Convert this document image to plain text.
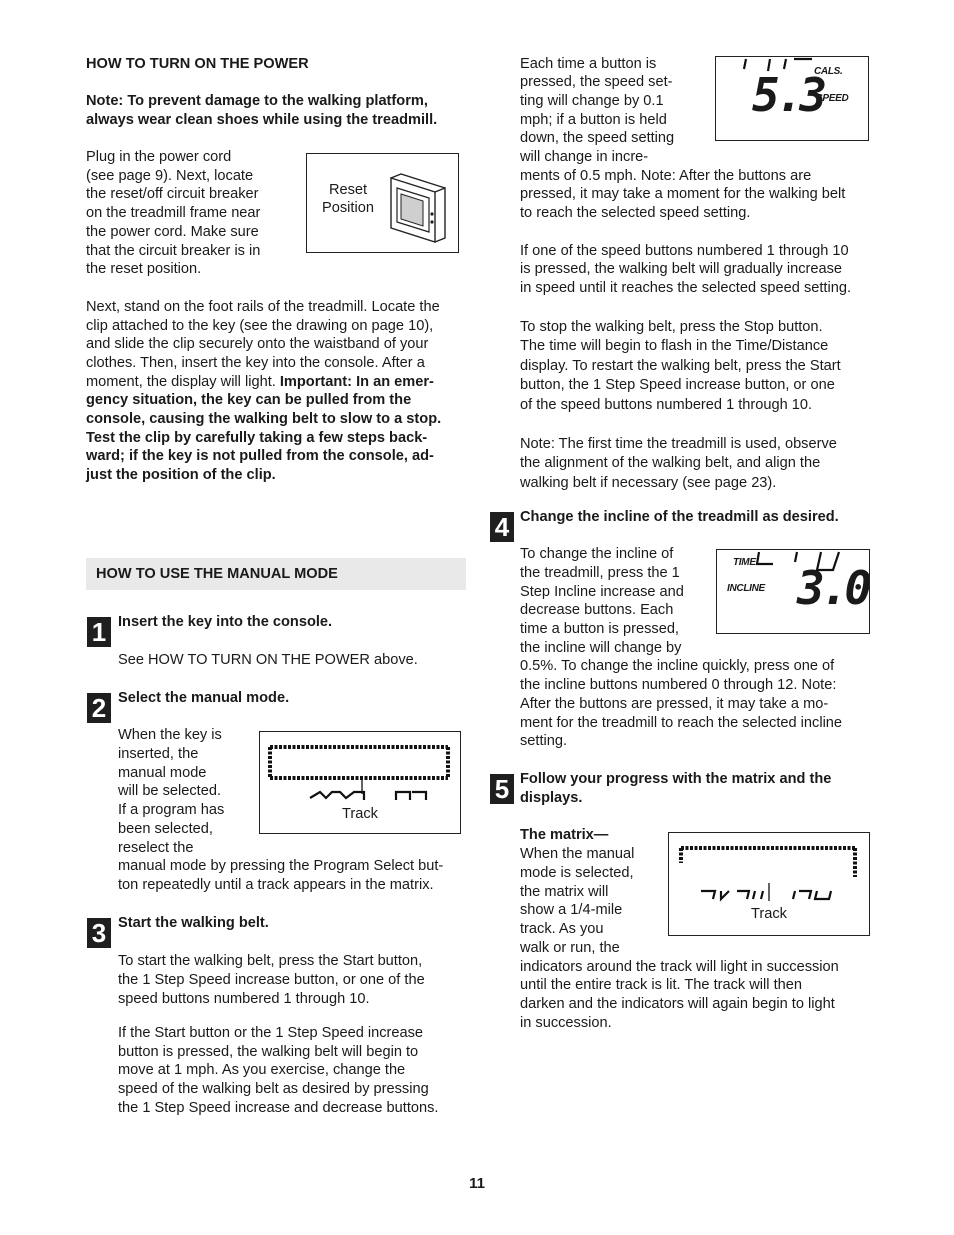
HOW TO TURN ON THE POWER

Note: To prevent damage to the walking platform,

always wear clean shoes while using the treadmill.

Plug in the power cord

(see page 9). Next, locate

the reset/off circuit breaker

on the treadmill frame near

the power cord. Make sure

that the circuit breaker is in

the reset position.

Reset
Position

Next, stand on the foot rails of the treadmill. Locate the

clip attached to the key (see the drawing on page 10),

and slide the clip securely onto the waistband of your

clothes. Then, insert the key into the console. After a

moment, the display will light. Important: In an emer-

gency situation, the key can be pulled from the

console, causing the walking belt to slow to a stop.

Test the clip by carefully taking a few steps back-

ward; if the key is not pulled from the console, ad-

just the position of the clip.

HOW TO USE THE MANUAL MODE

1 Insert the key into the console.

See HOW TO TURN ON THE POWER above.

2 Select the manual mode.

When the key is

inserted, the

manual mode

will be selected.

If a program has

been selected,

reselect the

manual mode by pressing the Program Select but-

ton repeatedly until a track appears in the matrix.

Track
3 Start the walking belt.

To start the walking belt, press the Start button,

the 1 Step Speed increase button, or one of the

speed buttons numbered 1 through 10.

If the Start button or the 1 Step Speed increase

button is pressed, the walking belt will begin to

move at 1 mph. As you exercise, change the

speed of the walking belt as desired by pressing

the 1 Step Speed increase and decrease buttons.

Each time a button is

pressed, the speed set-

ting will change by 0.1

mph; if a button is held

down, the speed setting

will change in incre-

ments of 0.5 mph. Note: After the buttons are

pressed, it may take a moment for the walking belt

to reach the selected speed setting.

CALS.
5.3
SPEED

If one of the speed buttons numbered 1 through 10

is pressed, the walking belt will gradually increase

in speed until it reaches the selected speed setting.

To stop the walking belt, press the Stop button.

The time will begin to flash in the Time/Distance

display. To restart the walking belt, press the Start

button, the 1 Step Speed increase button, or one

of the speed buttons numbered 1 through 10.

Note: The first time the treadmill is used, observe

the alignment of the walking belt, and align the

walking belt if necessary (see page 23).

4 Change the incline of the treadmill as desired.

To change the incline of

the treadmill, press the 1

Step Incline increase and

decrease buttons. Each

time a button is pressed,

the incline will change by

0.5%. To change the incline quickly, press one of

the incline buttons numbered 0 through 12. Note:

After the buttons are pressed, it may take a mo-

ment for the treadmill to reach the selected incline

setting.

TIME
INCLINE 3.0
5 Follow your progress with the matrix and the

displays.

The matrix—

When the manual

mode is selected,

the matrix will

show a 1/4-mile

track. As you

walk or run, the

indicators around the track will light in succession

until the entire track is lit. The track will then

darken and the indicators will again begin to light

in succession.

Track
11
